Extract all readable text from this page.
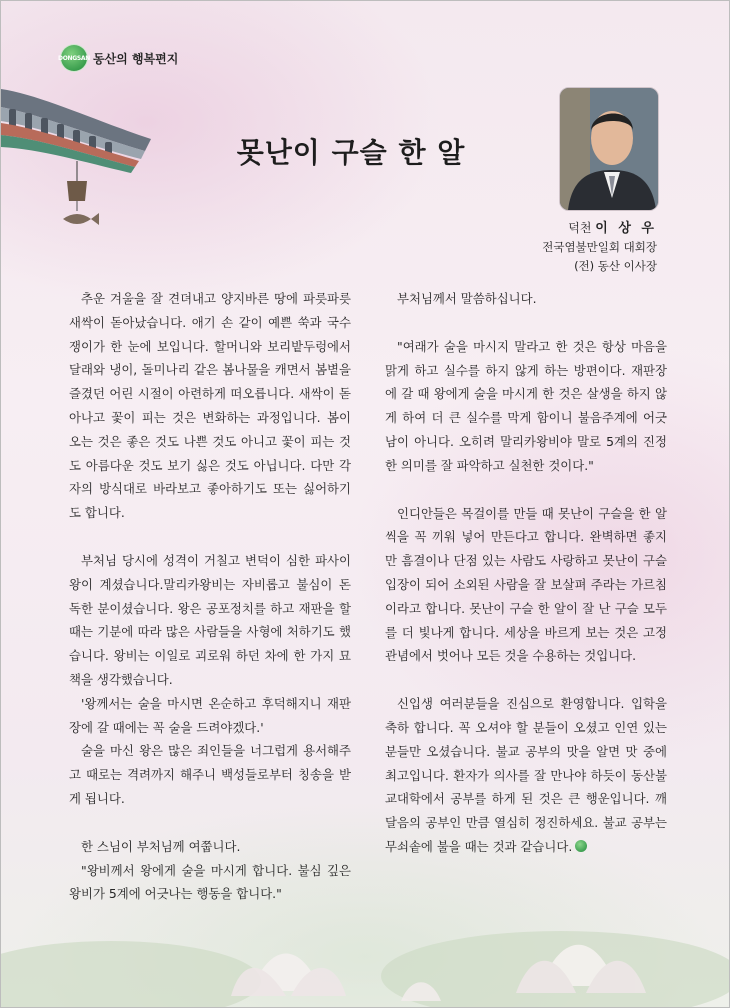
DONGSAN 동산의 행복편지
못난이 구슬 한 알
덕천 이 상 우
전국염불만일회 대회장
(전) 동산 이사장

추운 겨울을 잘 견뎌내고 양지바른 땅에 파릇파릇 새싹이 돋아났습니다. 애기 손 같이 예쁜 쑥과 국수쟁이가 한 눈에 보입니다. 할머니와 보리밭두렁에서 달래와 냉이, 돌미나리 같은 봄나물을 캐면서 봄볕을 즐겼던 어린 시절이 아련하게 떠오릅니다. 새싹이 돋아나고 꽃이 피는 것은 변화하는 과정입니다. 봄이 오는 것은 좋은 것도 나쁜 것도 아니고 꽃이 피는 것도 아름다운 것도 보기 싫은 것도 아닙니다. 다만 각자의 방식대로 바라보고 좋아하기도 또는 싫어하기도 합니다.

부처님 당시에 성격이 거칠고 변덕이 심한 파사이왕이 계셨습니다.말리카왕비는 자비롭고 불심이 돈독한 분이셨습니다. 왕은 공포정치를 하고 재판을 할 때는 기분에 따라 많은 사람들을 사형에 처하기도 했습니다. 왕비는 이일로 괴로워 하던 차에 한 가지 묘책을 생각했습니다.

'왕께서는 술을 마시면 온순하고 후덕해지니 재판장에 갈 때에는 꼭 술을 드려야겠다.'

술을 마신 왕은 많은 죄인들을 너그럽게 용서해주고 때로는 격려까지 해주니 백성들로부터 칭송을 받게 됩니다.

한 스님이 부처님께 여쭙니다.

"왕비께서 왕에게 술을 마시게 합니다. 불심 깊은 왕비가 5계에 어긋나는 행동을 합니다."

부처님께서 말씀하십니다.

"여래가 술을 마시지 말라고 한 것은 항상 마음을 맑게 하고 실수를 하지 않게 하는 방편이다. 재판장에 갈 때 왕에게 술을 마시게 한 것은 살생을 하지 않게 하여 더 큰 실수를 막게 함이니 불음주계에 어긋남이 아니다. 오히려 말리카왕비야 말로 5계의 진정한 의미를 잘 파악하고 실천한 것이다."

인디안들은 목걸이를 만들 때 못난이 구슬을 한 알씩을 꼭 끼워 넣어 만든다고 합니다. 완벽하면 좋지만 흠결이나 단점 있는 사람도 사랑하고 못난이 구슬 입장이 되어 소외된 사람을 잘 보살펴 주라는 가르침 이라고 합니다. 못난이 구슬 한 알이 잘 난 구슬 모두를 더 빛나게 합니다. 세상을 바르게 보는 것은 고정 관념에서 벗어나 모든 것을 수용하는 것입니다.

신입생 여러분들을 진심으로 환영합니다. 입학을 축하 합니다. 꼭 오셔야 할 분들이 오셨고 인연 있는 분들만 오셨습니다. 불교 공부의 맛을 알면 맛 중에 최고입니다. 환자가 의사를 잘 만나야 하듯이 동산불교대학에서 공부를 하게 된 것은 큰 행운입니다. 깨달음의 공부인 만큼 열심히 정진하세요. 불교 공부는 무쇠솥에 불을 때는 것과 같습니다.
